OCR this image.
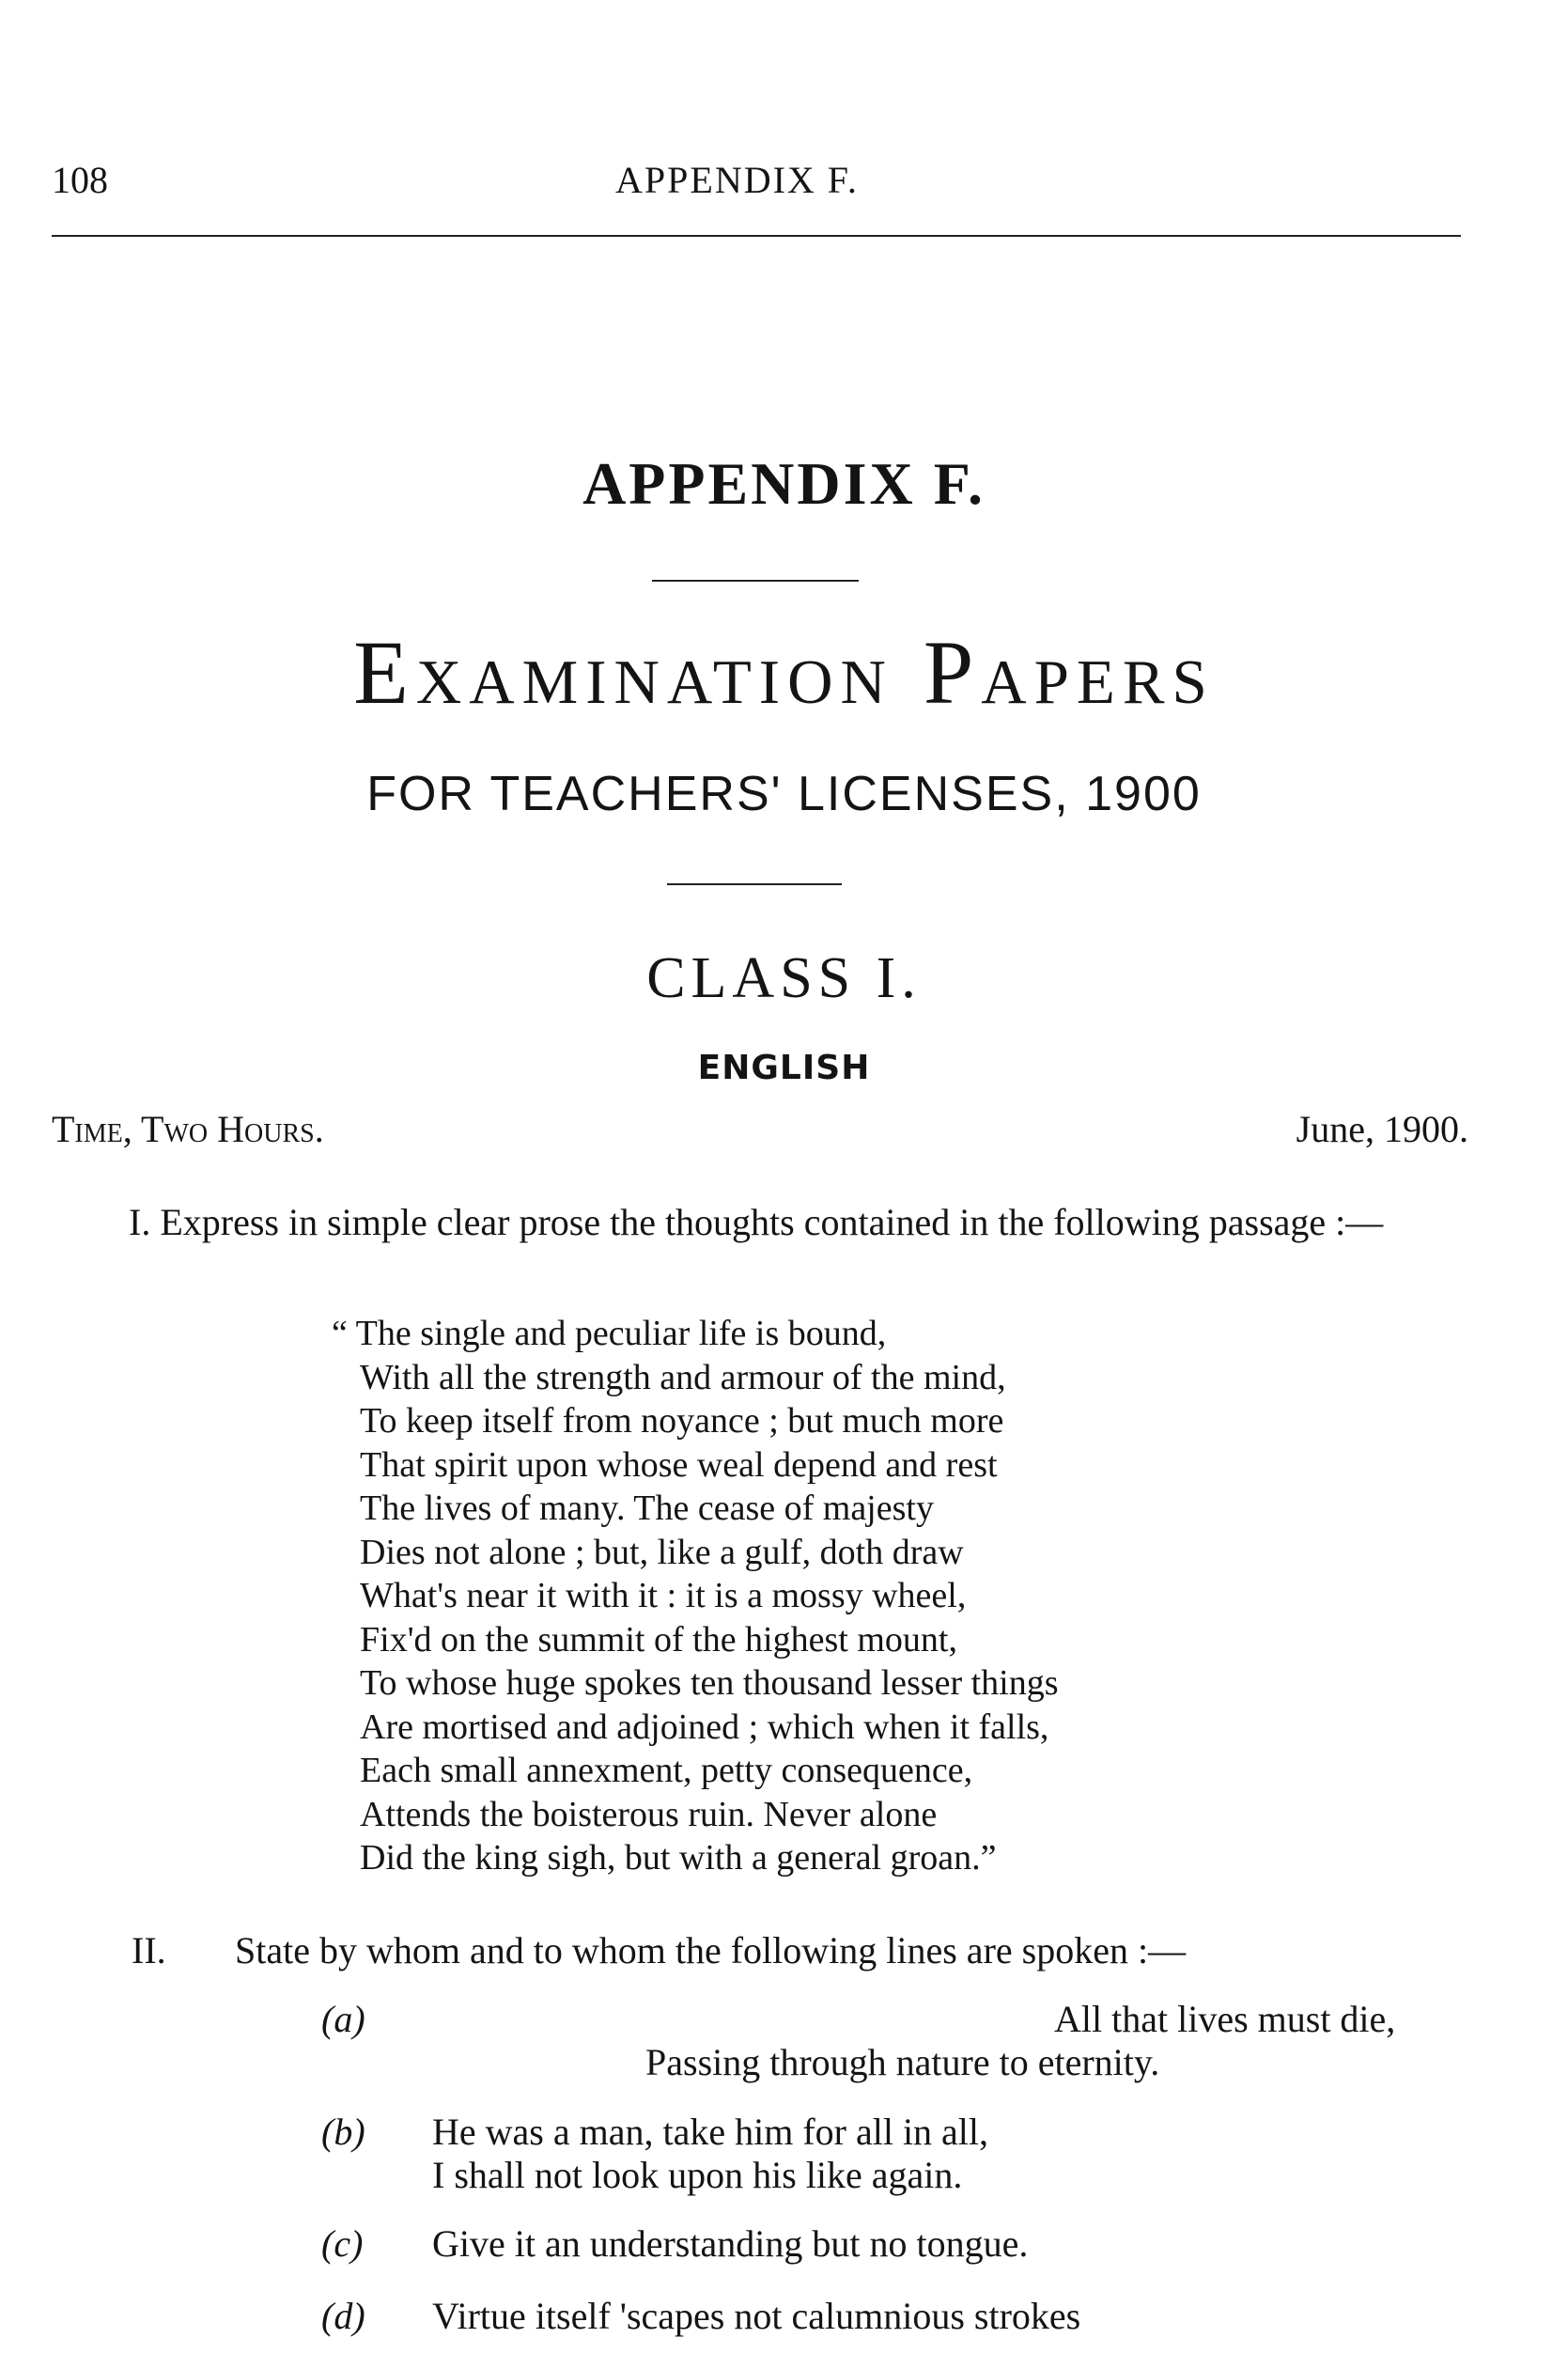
108	APPENDIX F.
APPENDIX F.
Examination Papers
FOR TEACHERS' LICENSES, 1900
CLASS I.
ENGLISH
Time, Two Hours.	June, 1900.
I. Express in simple clear prose the thoughts contained in the following passage :—
“ The single and peculiar life is bound,
With all the strength and armour of the mind,
To keep itself from noyance ; but much more
That spirit upon whose weal depend and rest
The lives of many. The cease of majesty
Dies not alone ; but, like a gulf, doth draw
What's near it with it : it is a mossy wheel,
Fix'd on the summit of the highest mount,
To whose huge spokes ten thousand lesser things
Are mortised and adjoined ; which when it falls,
Each small annexment, petty consequence,
Attends the boisterous ruin. Never alone
Did the king sigh, but with a general groan.”
II. State by whom and to whom the following lines are spoken :—
(a)	All that lives must die,
Passing through nature to eternity.
(b) He was a man, take him for all in all,
I shall not look upon his like again.
(c) Give it an understanding but no tongue.
(d) Virtue itself 'scapes not calumnious strokes
